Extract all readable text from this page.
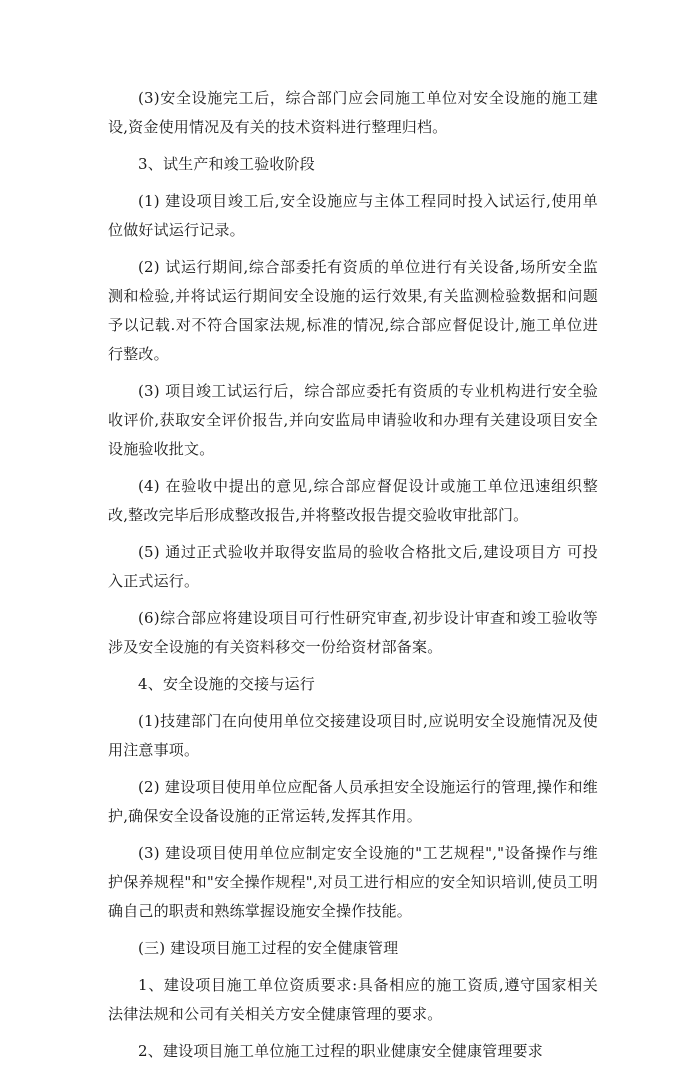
(3)安全设施完工后，综合部门应会同施工单位对安全设施的施工建设,资金使用情况及有关的技术资料进行整理归档。

3、试生产和竣工验收阶段

(1) 建设项目竣工后,安全设施应与主体工程同时投入试运行,使用单位做好试运行记录。

(2) 试运行期间,综合部委托有资质的单位进行有关设备,场所安全监测和检验,并将试运行期间安全设施的运行效果,有关监测检验数据和问题予以记载.对不符合国家法规,标准的情况,综合部应督促设计,施工单位进行整改。

(3) 项目竣工试运行后，综合部应委托有资质的专业机构进行安全验收评价,获取安全评价报告,并向安监局申请验收和办理有关建设项目安全设施验收批文。

(4) 在验收中提出的意见,综合部应督促设计或施工单位迅速组织整改,整改完毕后形成整改报告,并将整改报告提交验收审批部门。

(5) 通过正式验收并取得安监局的验收合格批文后,建设项目方 可投入正式运行。

(6)综合部应将建设项目可行性研究审查,初步设计审查和竣工验收等涉及安全设施的有关资料移交一份给资材部备案。

4、安全设施的交接与运行

(1)技建部门在向使用单位交接建设项目时,应说明安全设施情况及使用注意事项。

(2) 建设项目使用单位应配备人员承担安全设施运行的管理,操作和维护,确保安全设备设施的正常运转,发挥其作用。

(3) 建设项目使用单位应制定安全设施的"工艺规程","设备操作与维护保养规程"和"安全操作规程",对员工进行相应的安全知识培训,使员工明确自己的职责和熟练掌握设施安全操作技能。

(三) 建设项目施工过程的安全健康管理

1、建设项目施工单位资质要求:具备相应的施工资质,遵守国家相关法律法规和公司有关相关方安全健康管理的要求。

2、建设项目施工单位施工过程的职业健康安全健康管理要求
